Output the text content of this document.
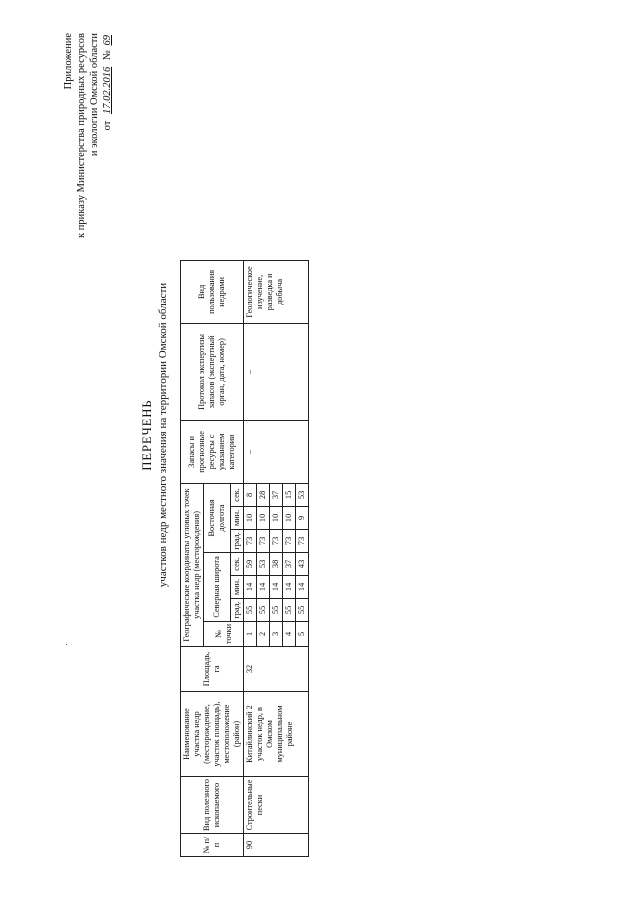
Приложение к приказу Министерства природных ресурсов и экологии Омской области от 17.02.2016 № 69
ПЕРЕЧЕНЬ участков недр местного значения на территории Омской области
№ п/п	Вид полезного ископаемого	Наименование участка недр (месторождение, участок площадь), местоположение (район)	Площадь, га	Географические координаты угловых точек участка недр (месторождения)							Запасы и прогнозные ресурсы с указанием категории	Протокол экспертизы запасов (экспертный орган, дата, номер)	Вид пользования недрами
				№ точки	Северная широта			Восточная долгота					
					град.	мин.	сек.	град.	мин.	сек.			
90	Строительные пески	Китайлинский 2 участок недр, в Омском муниципальном районе	32	1	55	14	59	73	10	8	–	–	Геологическое изучение, разведка и добыча
				2	55	14	53	73	10	28			
				3	55	14	38	73	10	37			
				4	55	14	37	73	10	15			
				5	55	14	43	73	9	53			
